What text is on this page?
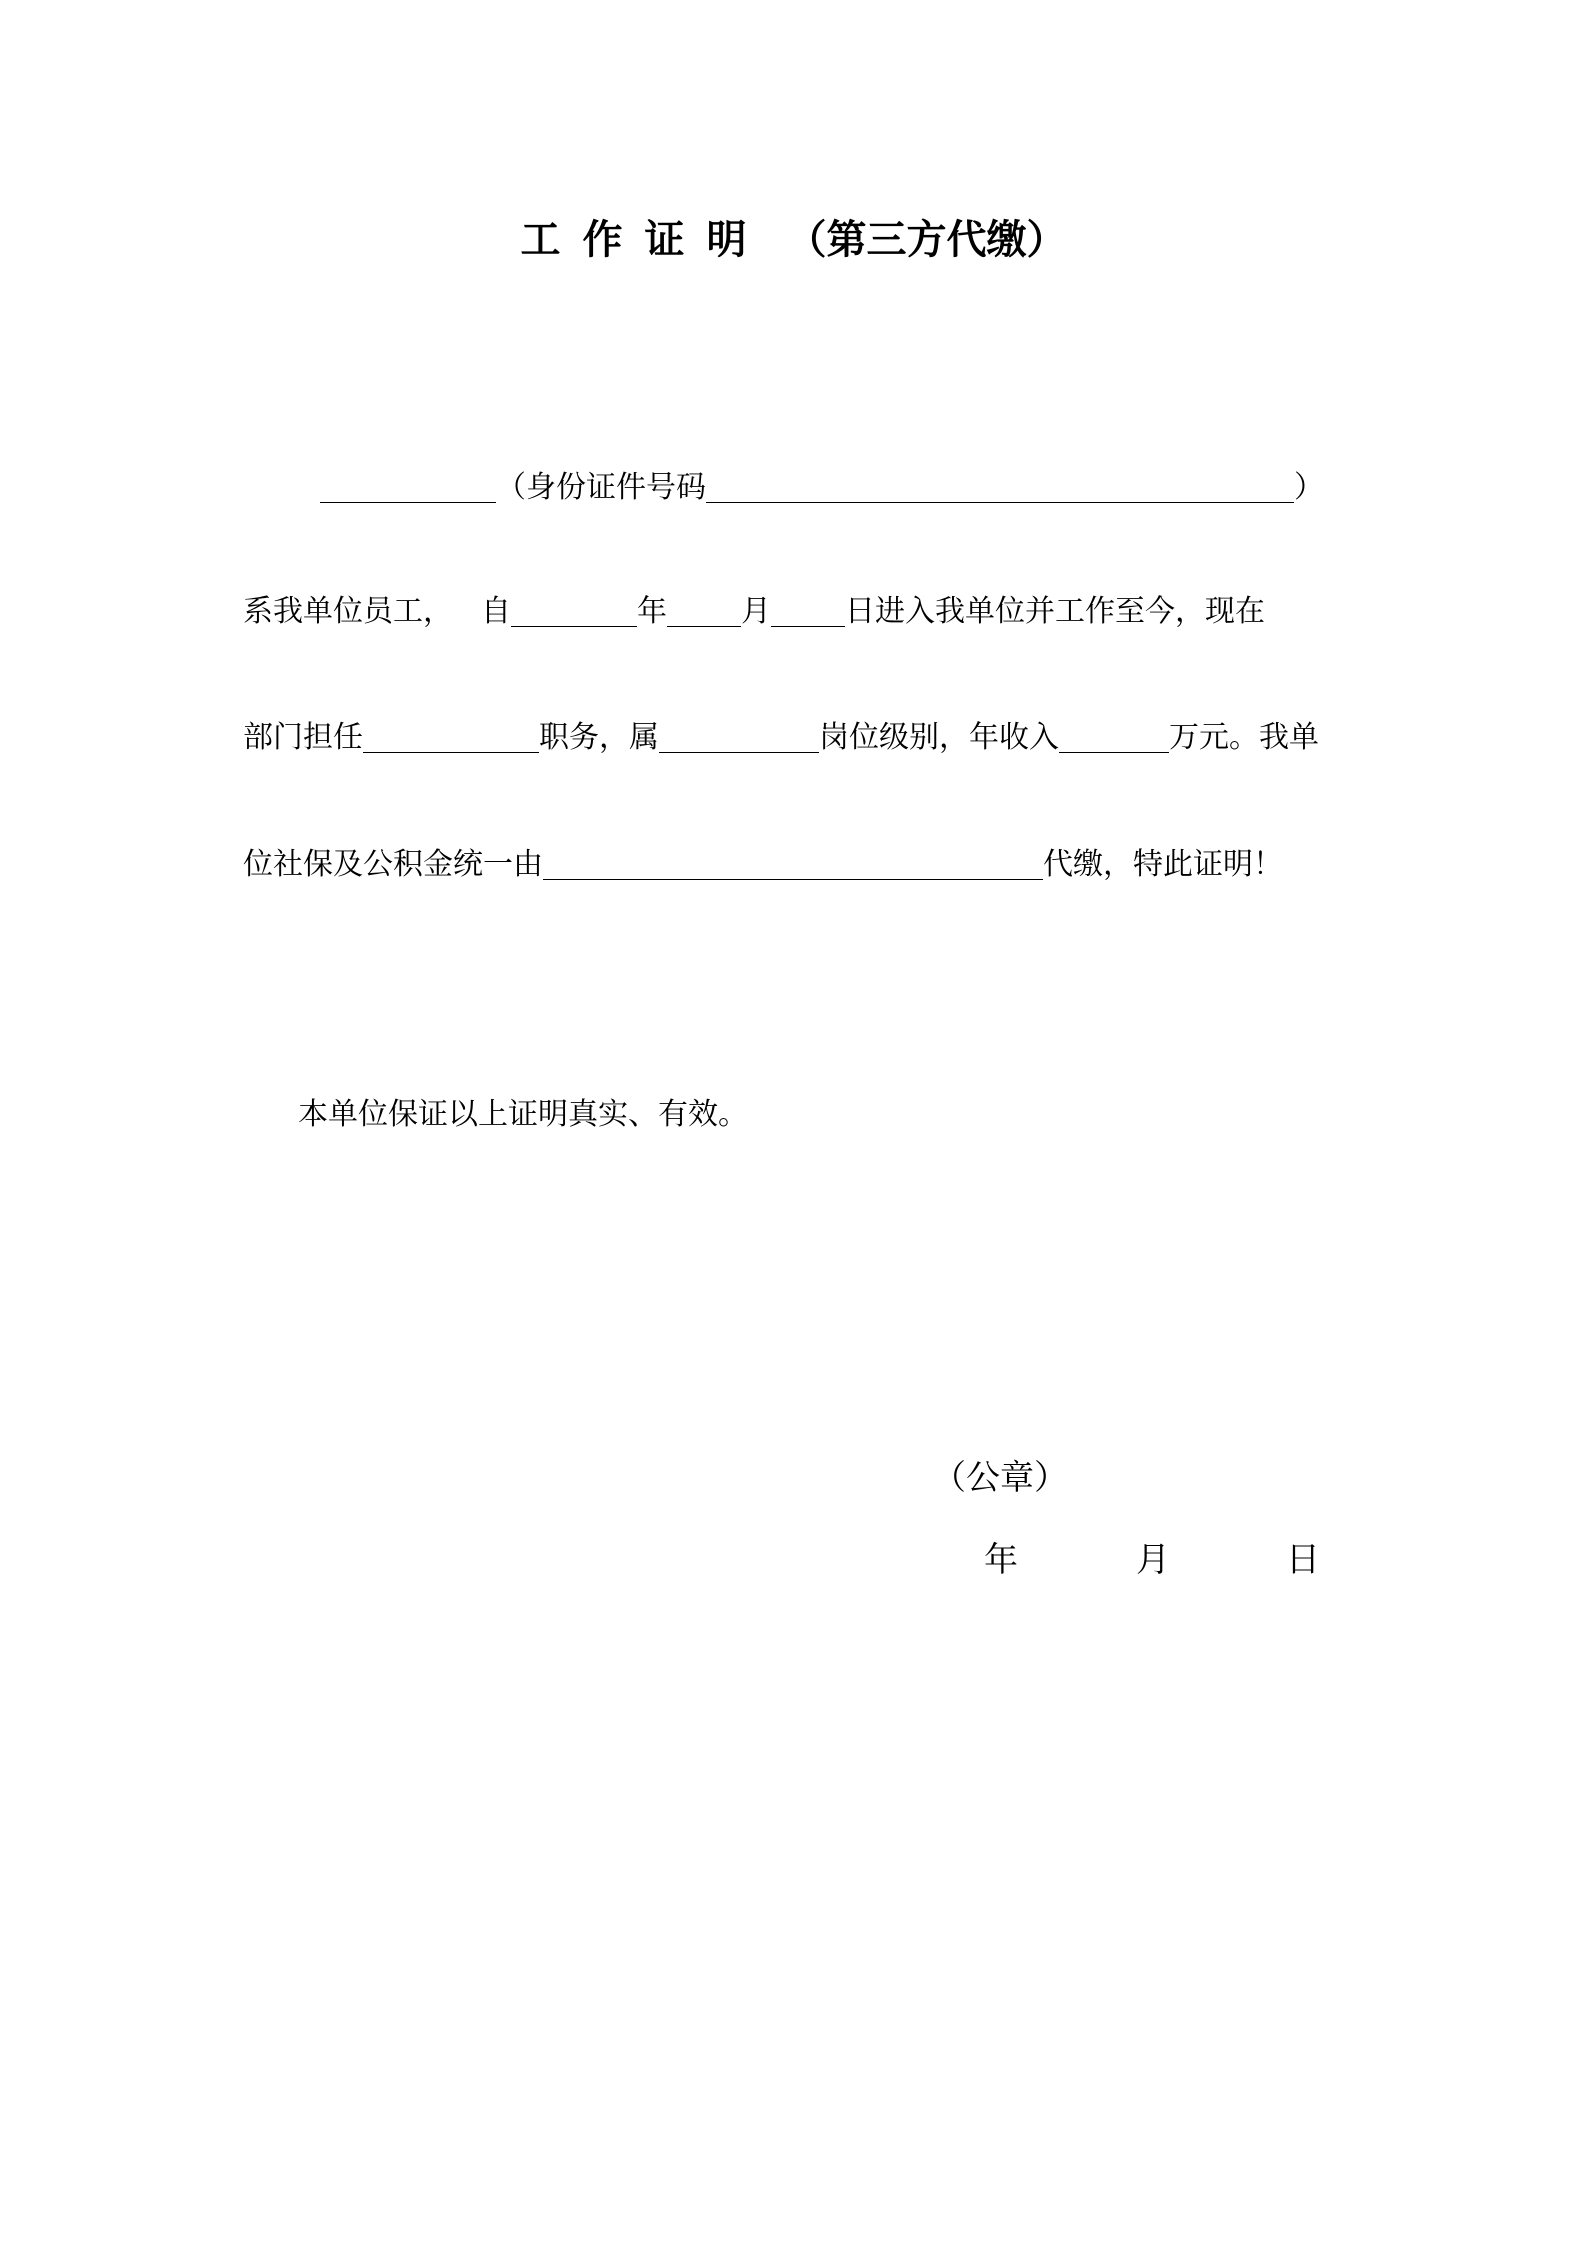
工作证明 （第三方代缴）
（身份证件号码	）
系我单位员工， 自	年 月 日进入我单位并工作至今，现在
部门担任	职务，属	岗位级别，年收入	万元。我单
位社保及公积金统一由	代缴，特此证明！
本单位保证以上证明真实、有效。
（公章）
年	月	日
